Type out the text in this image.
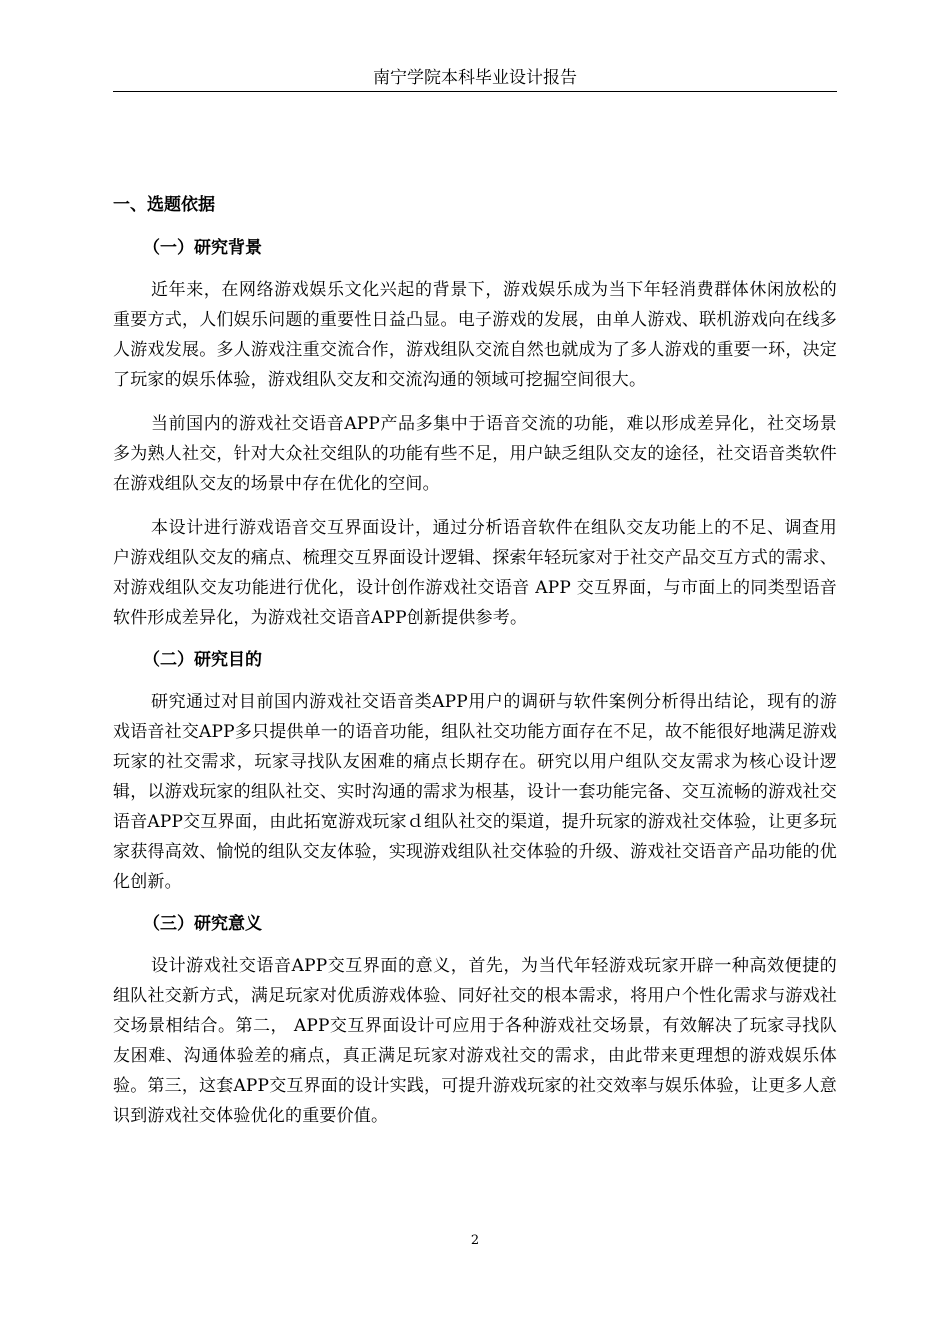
南宁学院本科毕业设计报告
一、选题依据
（一）研究背景

近年来，在网络游戏娱乐文化兴起的背景下，游戏娱乐成为当下年轻消费群体休闲放松的重要方式，人们娱乐问题的重要性日益凸显。电子游戏的发展，由单人游戏、联机游戏向在线多人游戏发展。多人游戏注重交流合作，游戏组队交流自然也就成为了多人游戏的重要一环，决定了玩家的娱乐体验，游戏组队交友和交流沟通的领域可挖掘空间很大。

当前国内的游戏社交语音APP产品多集中于语音交流的功能，难以形成差异化，社交场景多为熟人社交，针对大众社交组队的功能有些不足，用户缺乏组队交友的途径，社交语音类软件在游戏组队交友的场景中存在优化的空间。

本设计进行游戏语音交互界面设计，通过分析语音软件在组队交友功能上的不足、调查用户游戏组队交友的痛点、梳理交互界面设计逻辑、探索年轻玩家对于社交产品交互方式的需求、对游戏组队交友功能进行优化，设计创作游戏社交语音 APP 交互界面，与市面上的同类型语音软件形成差异化，为游戏社交语音APP创新提供参考。

（二）研究目的

研究通过对目前国内游戏社交语音类APP用户的调研与软件案例分析得出结论，现有的游戏语音社交APP多只提供单一的语音功能，组队社交功能方面存在不足，故不能很好地满足游戏玩家的社交需求，玩家寻找队友困难的痛点长期存在。研究以用户组队交友需求为核心设计逻辑，以游戏玩家的组队社交、实时沟通的需求为根基，设计一套功能完备、交互流畅的游戏社交语音APP交互界面，由此拓宽游戏玩家ｄ组队社交的渠道，提升玩家的游戏社交体验，让更多玩家获得高效、愉悦的组队交友体验，实现游戏组队社交体验的升级、游戏社交语音产品功能的优化创新。

（三）研究意义

设计游戏社交语音APP交互界面的意义，首先，为当代年轻游戏玩家开辟一种高效便捷的组队社交新方式，满足玩家对优质游戏体验、同好社交的根本需求，将用户个性化需求与游戏社交场景相结合。第二， APP交互界面设计可应用于各种游戏社交场景，有效解决了玩家寻找队友困难、沟通体验差的痛点，真正满足玩家对游戏社交的需求，由此带来更理想的游戏娱乐体验。第三，这套APP交互界面的设计实践，可提升游戏玩家的社交效率与娱乐体验，让更多人意识到游戏社交体验优化的重要价值。

2
